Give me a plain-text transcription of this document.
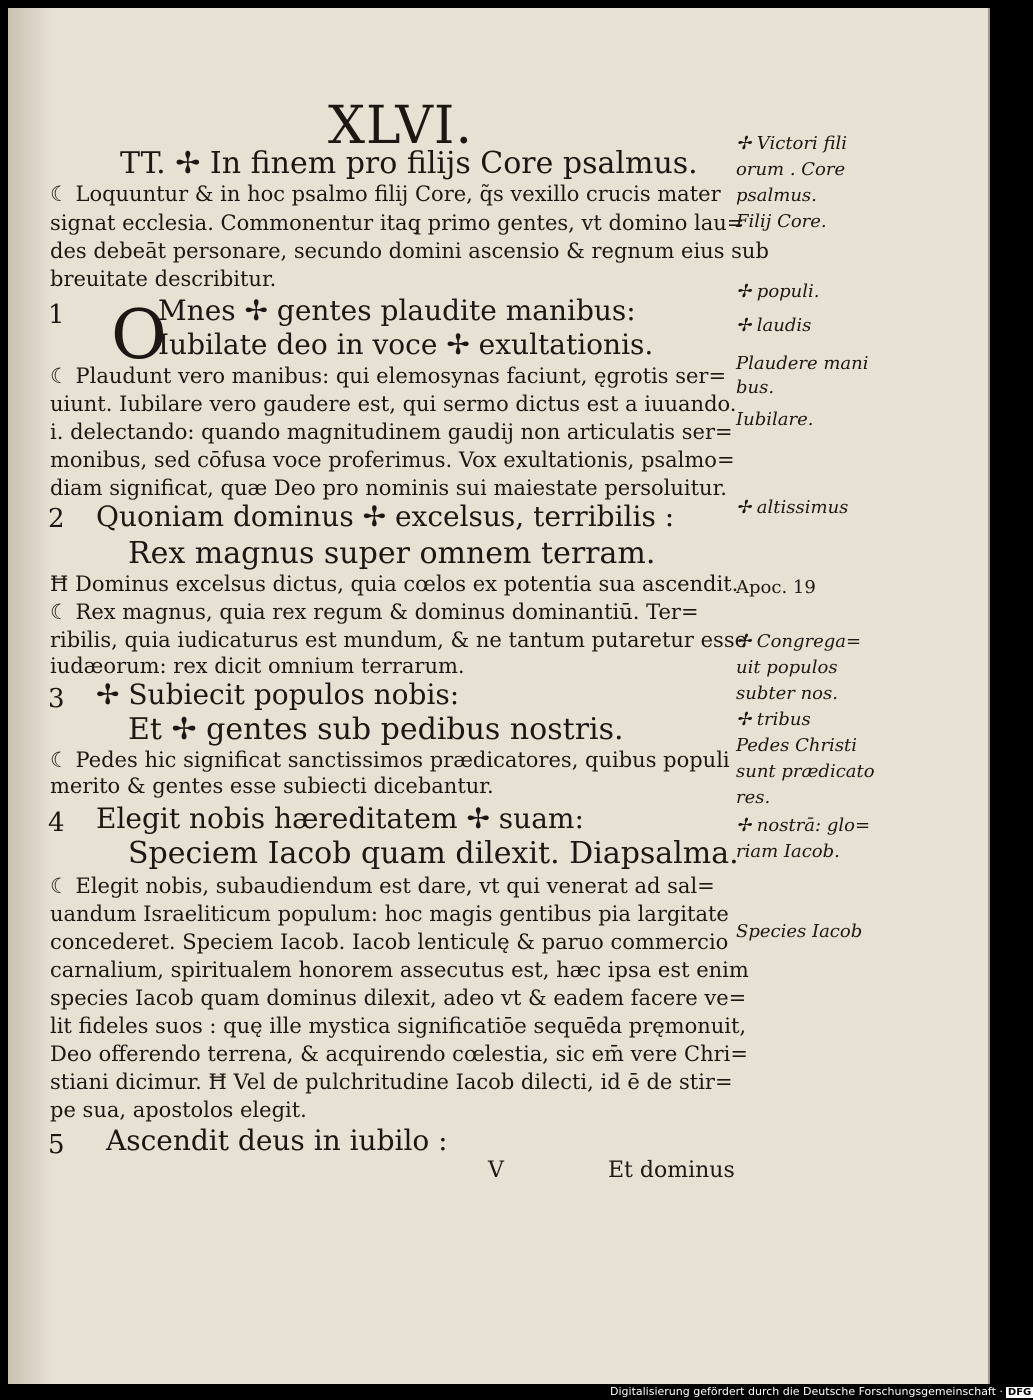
XLVI.
TT. ✢ In finem pro filijs Core psalmus.
☾ Loquuntur & in hoc psalmo filij Core, q̃s vexillo crucis mater
signat ecclesia. Commonentur itaq̧ primo gentes, vt domino lau=
des debeāt personare, secundo domini ascensio & regnum eius sub
breuitate describitur.
1 O
Mnes ✢ gentes plaudite manibus:
Iubilate deo in voce ✢ exultationis.
☾ Plaudunt vero manibus: qui elemosynas faciunt, ęgrotis ser=
uiunt. Iubilare vero gaudere est, qui sermo dictus est a iuuando.
i. delectando: quando magnitudinem gaudij non articulatis ser=
monibus, sed cōfusa voce proferimus. Vox exultationis, psalmo=
diam significat, quæ Deo pro nominis sui maiestate persoluitur.
2 Quoniam dominus ✢ excelsus, terribilis :
Rex magnus super omnem terram.
Ħ Dominus excelsus dictus, quia cœlos ex potentia sua ascendit.
☾ Rex magnus, quia rex regum & dominus dominantiū. Ter=
ribilis, quia iudicaturus est mundum, & ne tantum putaretur esse
iudæorum: rex dicit omnium terrarum.
3 ✢ Subiecit populos nobis:
Et ✢ gentes sub pedibus nostris.
☾ Pedes hic significat sanctissimos prædicatores, quibus populi
merito & gentes esse subiecti dicebantur.
4 Elegit nobis hæreditatem ✢ suam:
Speciem Iacob quam dilexit. Diapsalma.
☾ Elegit nobis, subaudiendum est dare, vt qui venerat ad sal=
uandum Israeliticum populum: hoc magis gentibus pia largitate
concederet. Speciem Iacob. Iacob lenticulę & paruo commercio
carnalium, spiritualem honorem assecutus est, hæc ipsa est enim
species Iacob quam dominus dilexit, adeo vt & eadem facere ve=
lit fideles suos : quę ille mystica significatiōe sequēda pręmonuit,
Deo offerendo terrena, & acquirendo cœlestia, sic em̄ vere Chri=
stiani dicimur. Ħ Vel de pulchritudine Iacob dilecti, id ē de stir=
pe sua, apostolos elegit.
5 Ascendit deus in iubilo :
V	Et dominus
✢ Victori fili
orum . Core
psalmus.
Filij Core.
✢ populi.
✢ laudis
Plaudere mani
bus.
Iubilare.
✢ altissimus
Apoc. 19
✢ Congrega=
uit populos
subter nos.
✢ tribus
Pedes Christi
sunt prædicato
res.
✢ nostrā: glo=
riam Iacob.
Species Iacob
Digitalisierung gefördert durch die Deutsche Forschungsgemeinschaft · DFG
